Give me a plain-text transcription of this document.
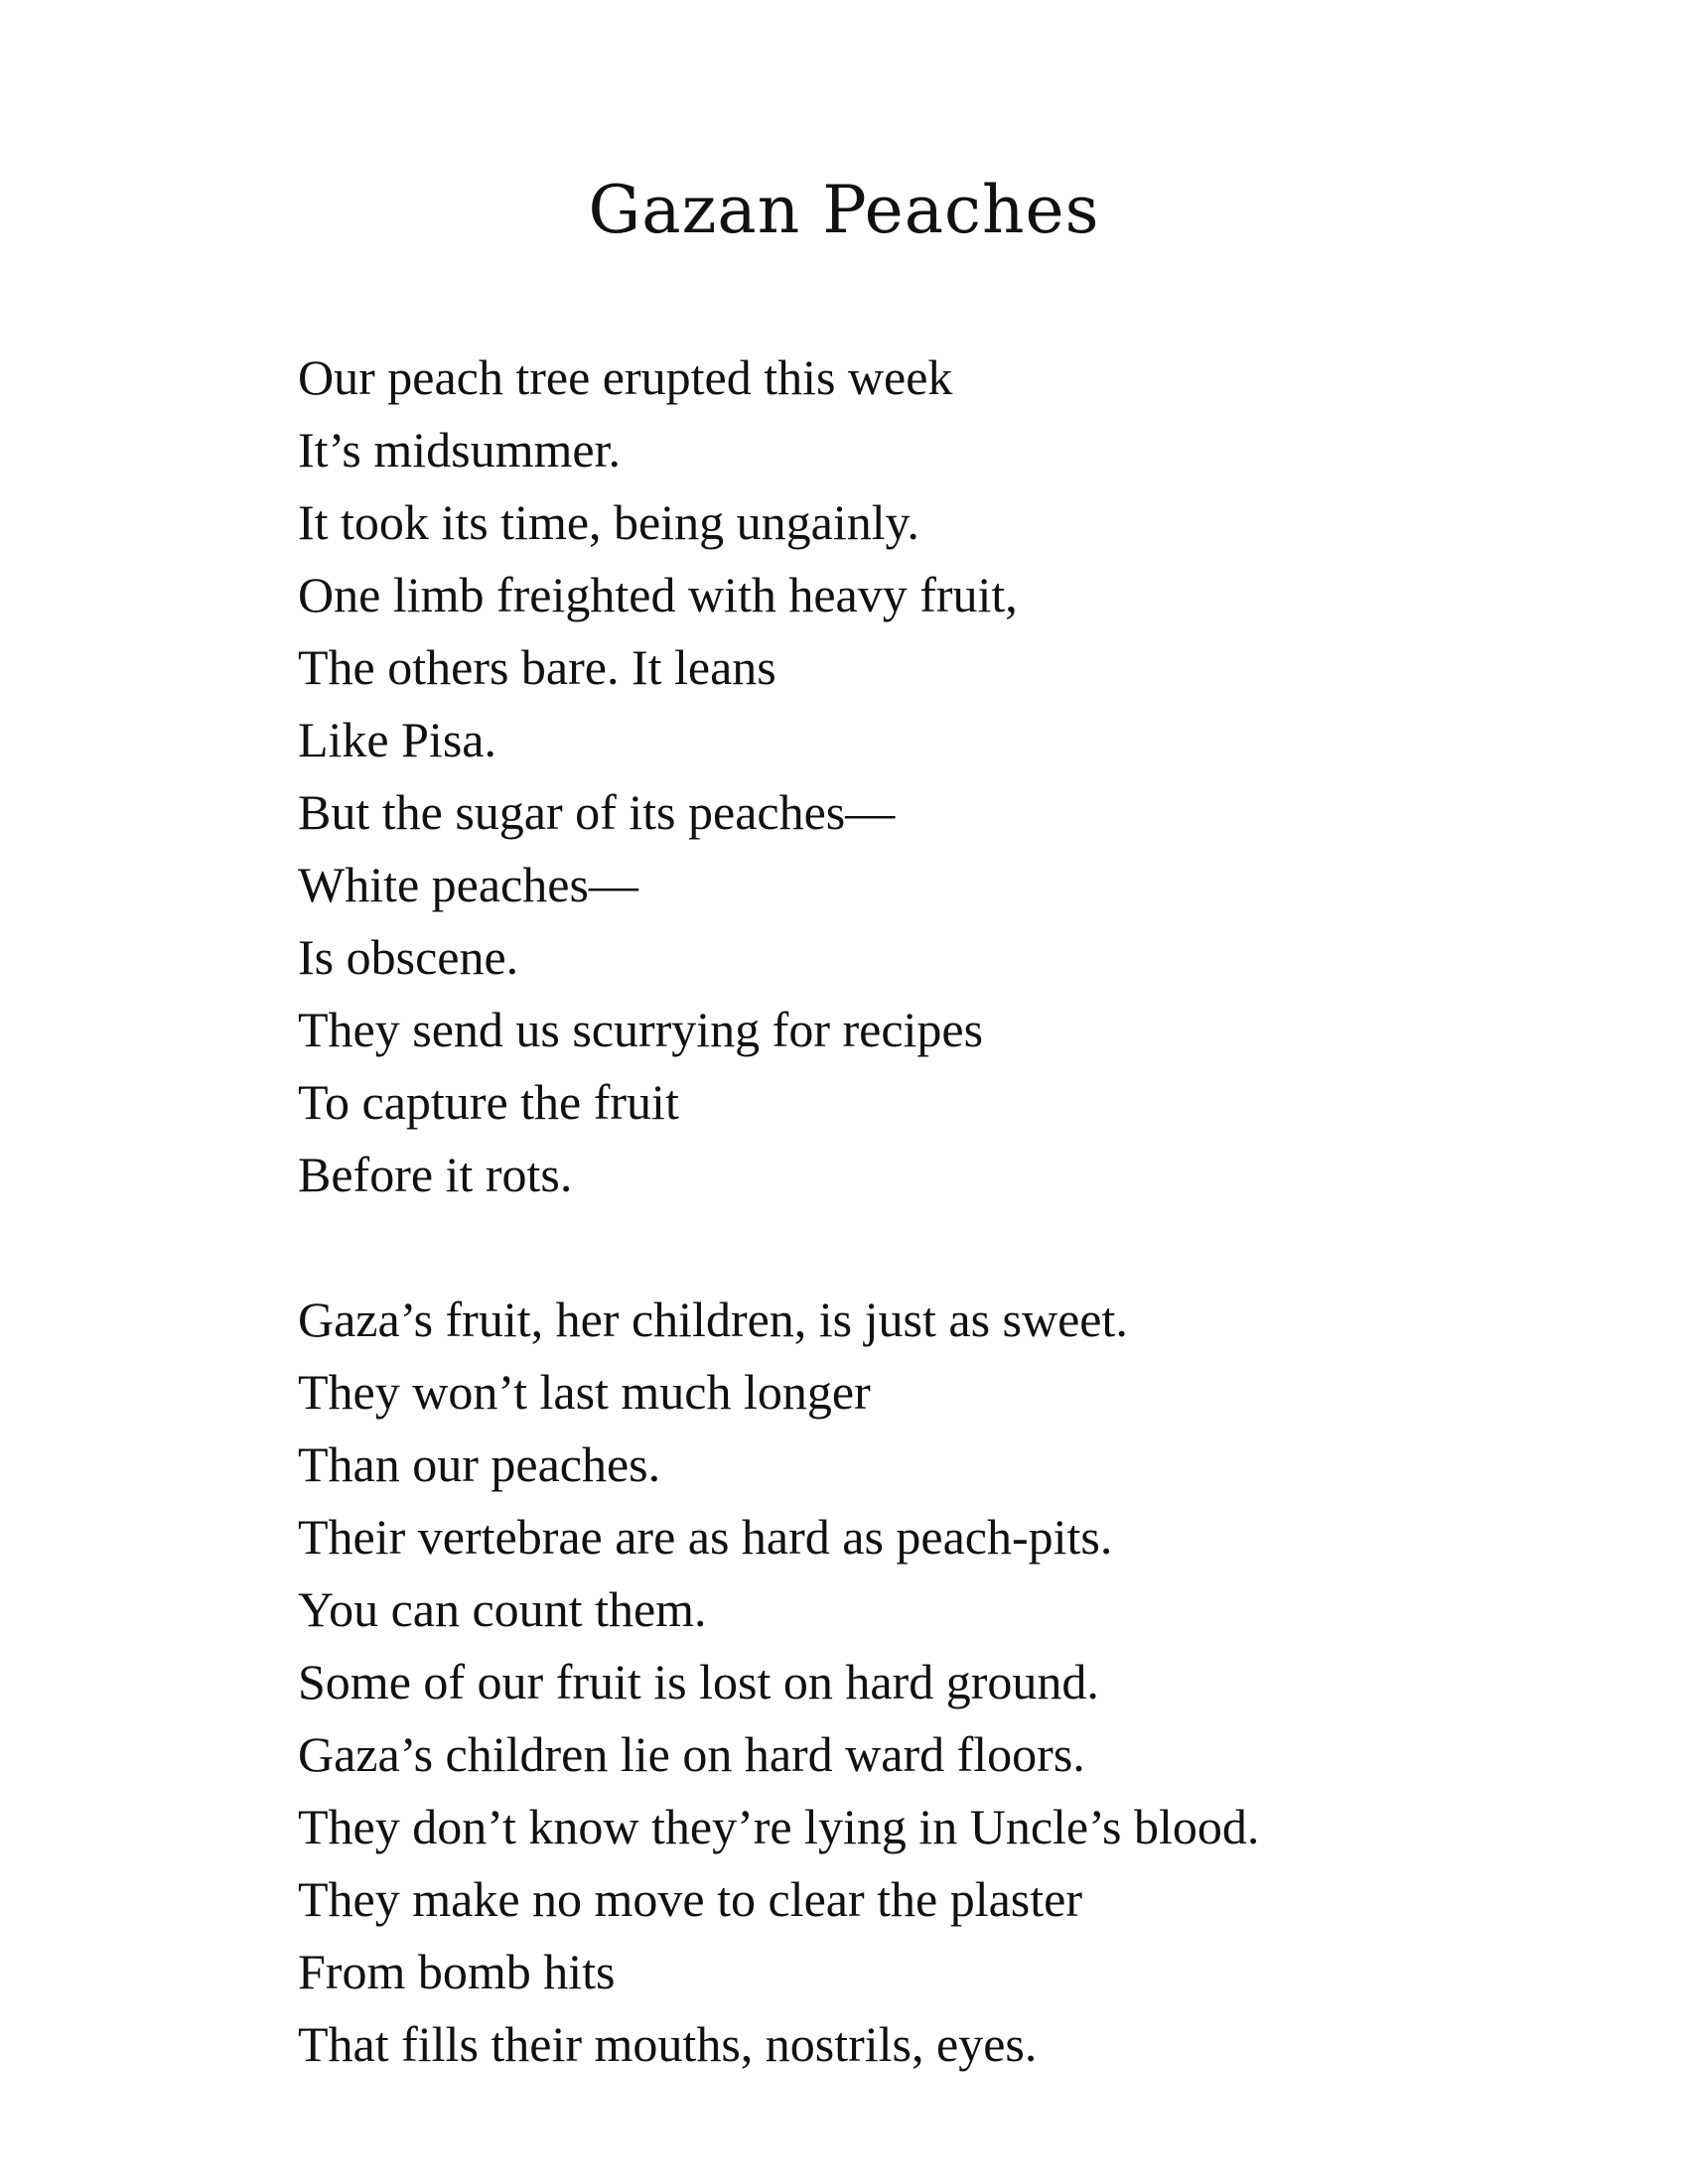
Gazan Peaches
Our peach tree erupted this week
It’s midsummer.
It took its time, being ungainly.
One limb freighted with heavy fruit,
The others bare. It leans
Like Pisa.
But the sugar of its peaches—
White peaches—
Is obscene.
They send us scurrying for recipes
To capture the fruit
Before it rots.
Gaza’s fruit, her children, is just as sweet.
They won’t last much longer
Than our peaches.
Their vertebrae are as hard as peach-pits.
You can count them.
Some of our fruit is lost on hard ground.
Gaza’s children lie on hard ward floors.
They don’t know they’re lying in Uncle’s blood.
They make no move to clear the plaster
From bomb hits
That fills their mouths, nostrils, eyes.
